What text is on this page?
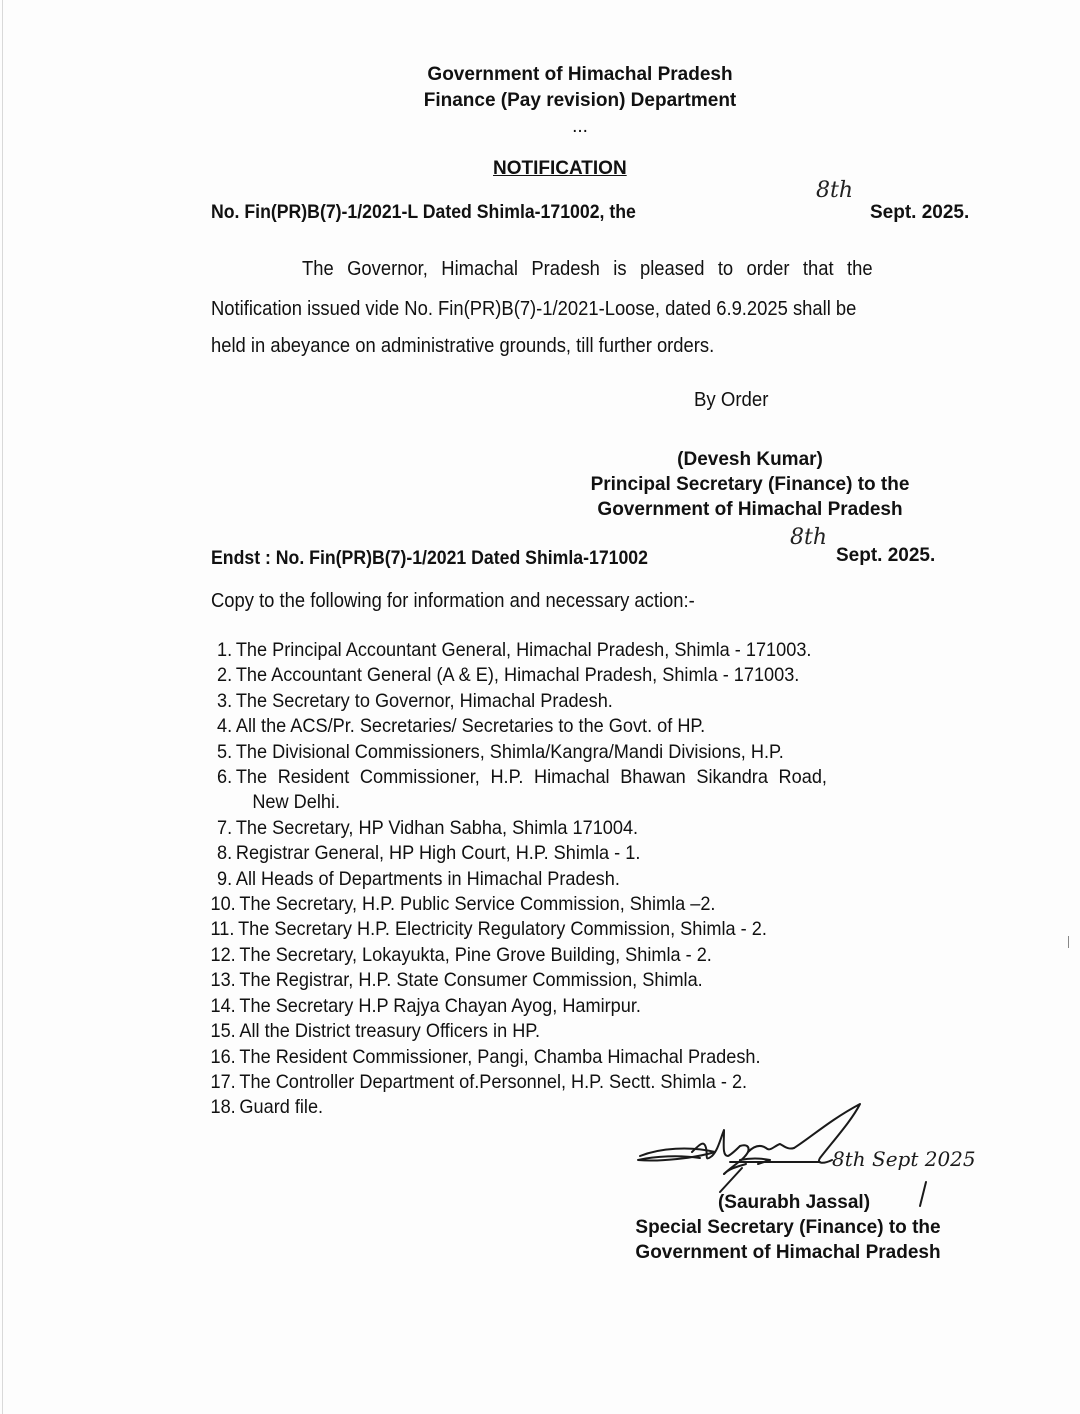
Government of Himachal Pradesh
Finance (Pay revision) Department
...
NOTIFICATION
No. Fin(PR)B(7)-1/2021-L Dated Shimla-171002, the
8th
Sept. 2025.
The Governor, Himachal Pradesh is pleased to order that the
Notification issued vide No. Fin(PR)B(7)-1/2021-Loose, dated 6.9.2025 shall be
held in abeyance on administrative grounds, till further orders.
By Order
(Devesh Kumar)
Principal Secretary (Finance) to the
Government of Himachal Pradesh
Endst : No. Fin(PR)B(7)-1/2021 Dated Shimla-171002
8th
Sept. 2025.
Copy to the following for information and necessary action:-
1. The Principal Accountant General, Himachal Pradesh, Shimla - 171003.
2. The Accountant General (A & E), Himachal Pradesh, Shimla - 171003.
3. The Secretary to Governor, Himachal Pradesh.
4. All the ACS/Pr. Secretaries/ Secretaries to the Govt. of HP.
5. The Divisional Commissioners, Shimla/Kangra/Mandi Divisions, H.P.
6. The Resident Commissioner, H.P. Himachal Bhawan Sikandra Road,
New Delhi.
7. The Secretary, HP Vidhan Sabha, Shimla 171004.
8. Registrar General, HP High Court, H.P. Shimla - 1.
9. All Heads of Departments in Himachal Pradesh.
10. The Secretary, H.P. Public Service Commission, Shimla –2.
11. The Secretary H.P. Electricity Regulatory Commission, Shimla - 2.
12. The Secretary, Lokayukta, Pine Grove Building, Shimla - 2.
13. The Registrar, H.P. State Consumer Commission, Shimla.
14. The Secretary H.P Rajya Chayan Ayog, Hamirpur.
15. All the District treasury Officers in HP.
16. The Resident Commissioner, Pangi, Chamba Himachal Pradesh.
17. The Controller Department of.Personnel, H.P. Sectt. Shimla - 2.
18. Guard file.
8th Sept 2025
(Saurabh Jassal)
Special Secretary (Finance) to the
Government of Himachal Pradesh
